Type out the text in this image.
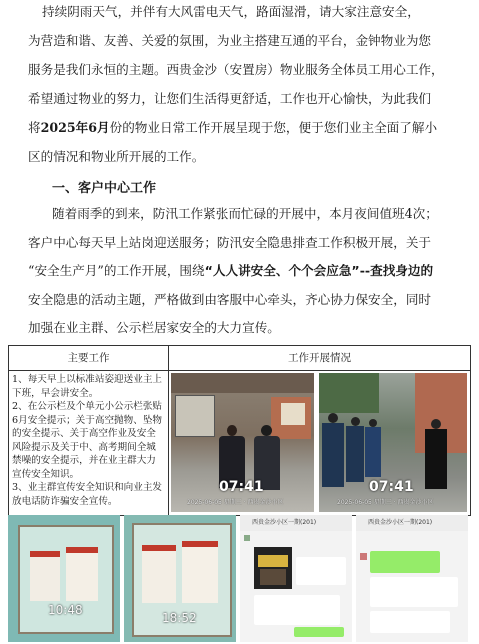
持续阴雨天气，并伴有大风雷电天气，路面湿滑，请大家注意安全，
为营造和谐、友善、关爱的氛围，为业主搭建互通的平台，金钟物业为您
服务是我们永恒的主题。西贵金沙（安置房）物业服务全体员工用心工作，
希望通过物业的努力，让您们生活得更舒适，工作也开心愉快，为此我们
将2025年6月份的物业日常工作开展呈现于您，便于您们业主全面了解小
区的情况和物业所开展的工作。
一、客户中心工作
随着雨季的到来，防汛工作紧张而忙碌的开展中，本月夜间值班4次；
客户中心每天早上站岗迎送服务；防汛安全隐患排查工作积极开展，关于
“安全生产月”的工作开展，围绕“人人讲安全、个个会应急”--查找身边的
安全隐患的活动主题，严格做到由客服中心牵头，齐心协力保安全，同时
加强在业主群、公示栏居家安全的大力宣传。
主要工作	工作开展情况

1、每天早上以标准站姿迎送业主上下班，早会讲安全。
2、在公示栏及个单元小公示栏张贴6月安全提示；关于高空抛物、坠物的安全提示、关于高空作业及安全风险提示及关于中、高考期间全城禁噪的安全提示，并在业主群大力宣传安全知识。
3、业主群宣传安全知识和向业主发放电话防诈骗安全宣传。	

07:41
2025-06-05 星期三 · 西贵金沙小区
07:41
2025-06-05 星期三 · 西贵金沙小区
10:48
18:52
西贵金沙小区一期(201)	西贵金沙小区一期(201)
